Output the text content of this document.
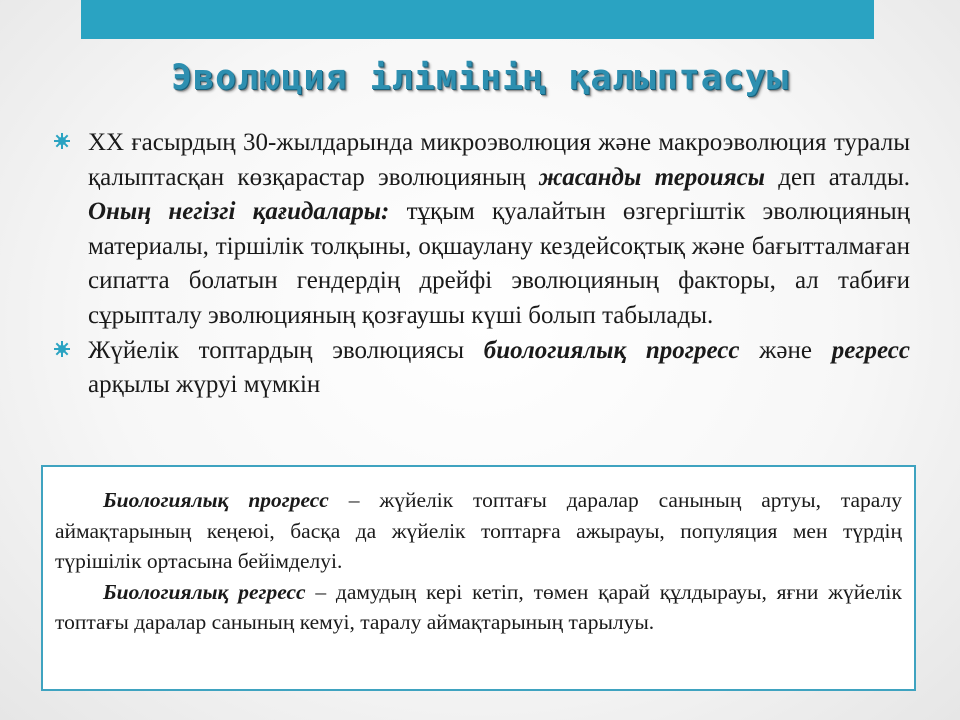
Эволюция ілімінің қалыптасуы

XX ғасырдың 30-жылдарында микроэволюция және макроэволюция туралы қалыптасқан көзқарастар эволюцияның жасанды тероиясы деп аталды. Оның негізгі қағидалары: тұқым қуалайтын өзгергіштік эволюцияның материалы, тіршілік толқыны, оқшаулану кездейсоқтық және бағытталмаған сипатта болатын гендердің дрейфі эволюцияның факторы, ал табиғи сұрыпталу эволюцияның қозғаушы күші болып табылады.

Жүйелік топтардың эволюциясы биологиялық прогресс және регресс арқылы жүруі мүмкін

Биологиялық прогресс – жүйелік топтағы даралар санының артуы, таралу аймақтарының кеңеюі, басқа да жүйелік топтарға ажырауы, популяция мен түрдің түрішілік ортасына бейімделуі.

Биологиялық регресс – дамудың кері кетіп, төмен қарай құлдырауы, яғни жүйелік топтағы даралар санының кемуі, таралу аймақтарының тарылуы.
